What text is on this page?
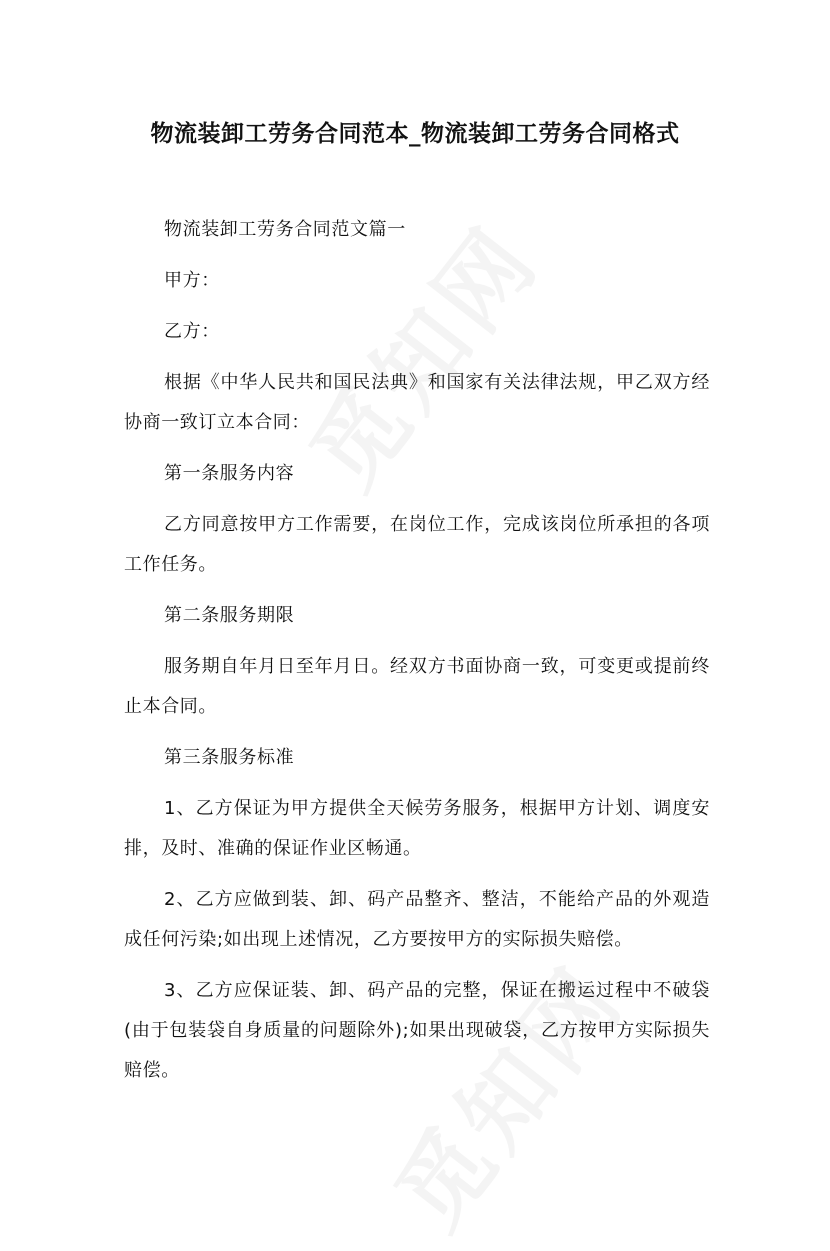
物流装卸工劳务合同范本_物流装卸工劳务合同格式

物流装卸工劳务合同范文篇一

甲方：

乙方：

根据《中华人民共和国民法典》和国家有关法律法规，甲乙双方经协商一致订立本合同：

第一条服务内容

乙方同意按甲方工作需要，在岗位工作，完成该岗位所承担的各项工作任务。

第二条服务期限

服务期自年月日至年月日。经双方书面协商一致，可变更或提前终止本合同。

第三条服务标准

1、乙方保证为甲方提供全天候劳务服务，根据甲方计划、调度安排，及时、准确的保证作业区畅通。

2、乙方应做到装、卸、码产品整齐、整洁，不能给产品的外观造成任何污染;如出现上述情况，乙方要按甲方的实际损失赔偿。

3、乙方应保证装、卸、码产品的完整，保证在搬运过程中不破袋(由于包装袋自身质量的问题除外);如果出现破袋，乙方按甲方实际损失赔偿。
